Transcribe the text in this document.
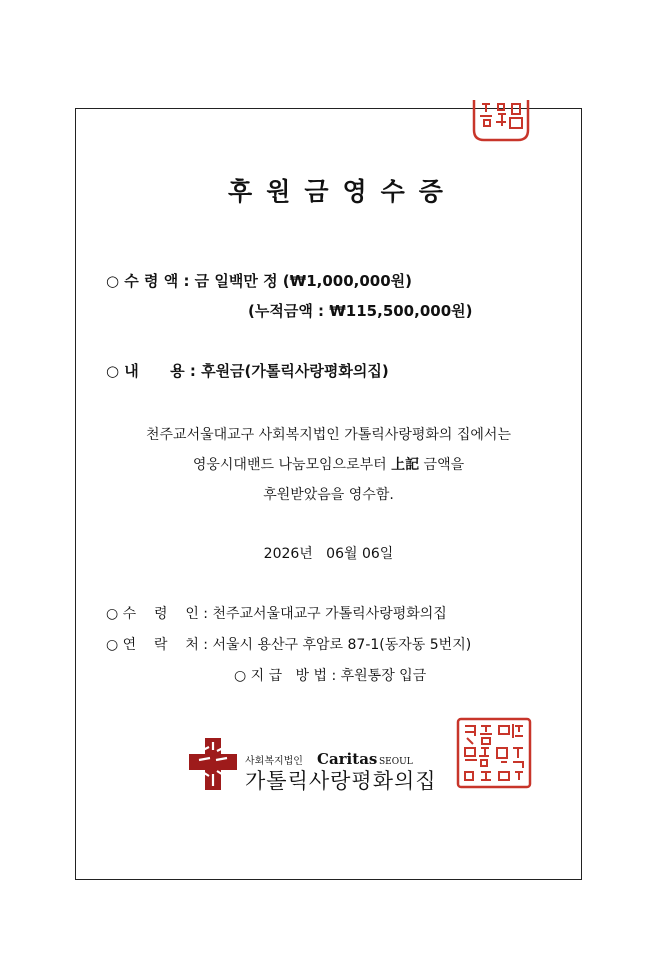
후원금영수증
○ 수 령 액 : 금 일백만 정 (₩1,000,000원)
(누적금액 : ₩115,500,000원)
○ 내      용 : 후원금(가톨릭사랑평화의집)
천주교서울대교구 사회복지법인 가톨릭사랑평화의 집에서는
영웅시대밴드 나눔모임으로부터 上記 금액을
후원받았음을 영수함.
2026년   06월 06일
○ 수    령    인 : 천주교서울대교구 가톨릭사랑평화의집
○ 연    락    처 : 서울시 용산구 후암로 87-1(동자동 5번지)
○ 지 급   방 법 : 후원통장 입금
사회복지법인 Caritas SEOUL
가톨릭사랑평화의집
